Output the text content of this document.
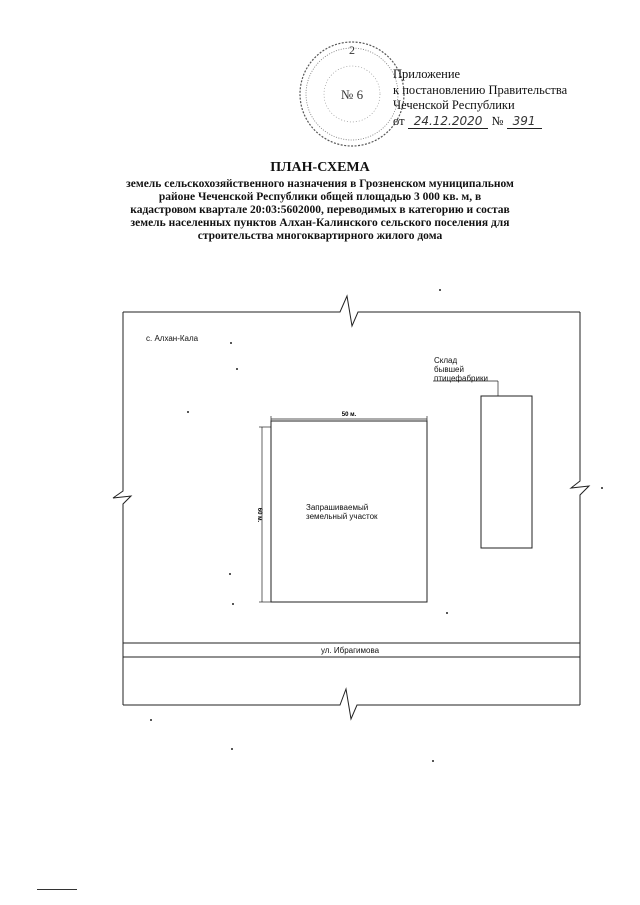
2
№ 6
Приложение
к постановлению Правительства
Чеченской Республики
от 24.12.2020 № 391
ПЛАН-СХЕМА
земель сельскохозяйственного назначения в Грозненском муниципальном
районе Чеченской Республики общей площадью 3 000 кв. м, в
кадастровом квартале 20:03:5602000, переводимых в категорию и состав
земель населенных пунктов Алхан-Калинского сельского поселения для
строительства многоквартирного жилого дома
50 м.
60 м.
с. Алхан-Кала
Склад
бывшей
птицефабрики
Запрашиваемый
земельный участок
ул. Ибрагимова
